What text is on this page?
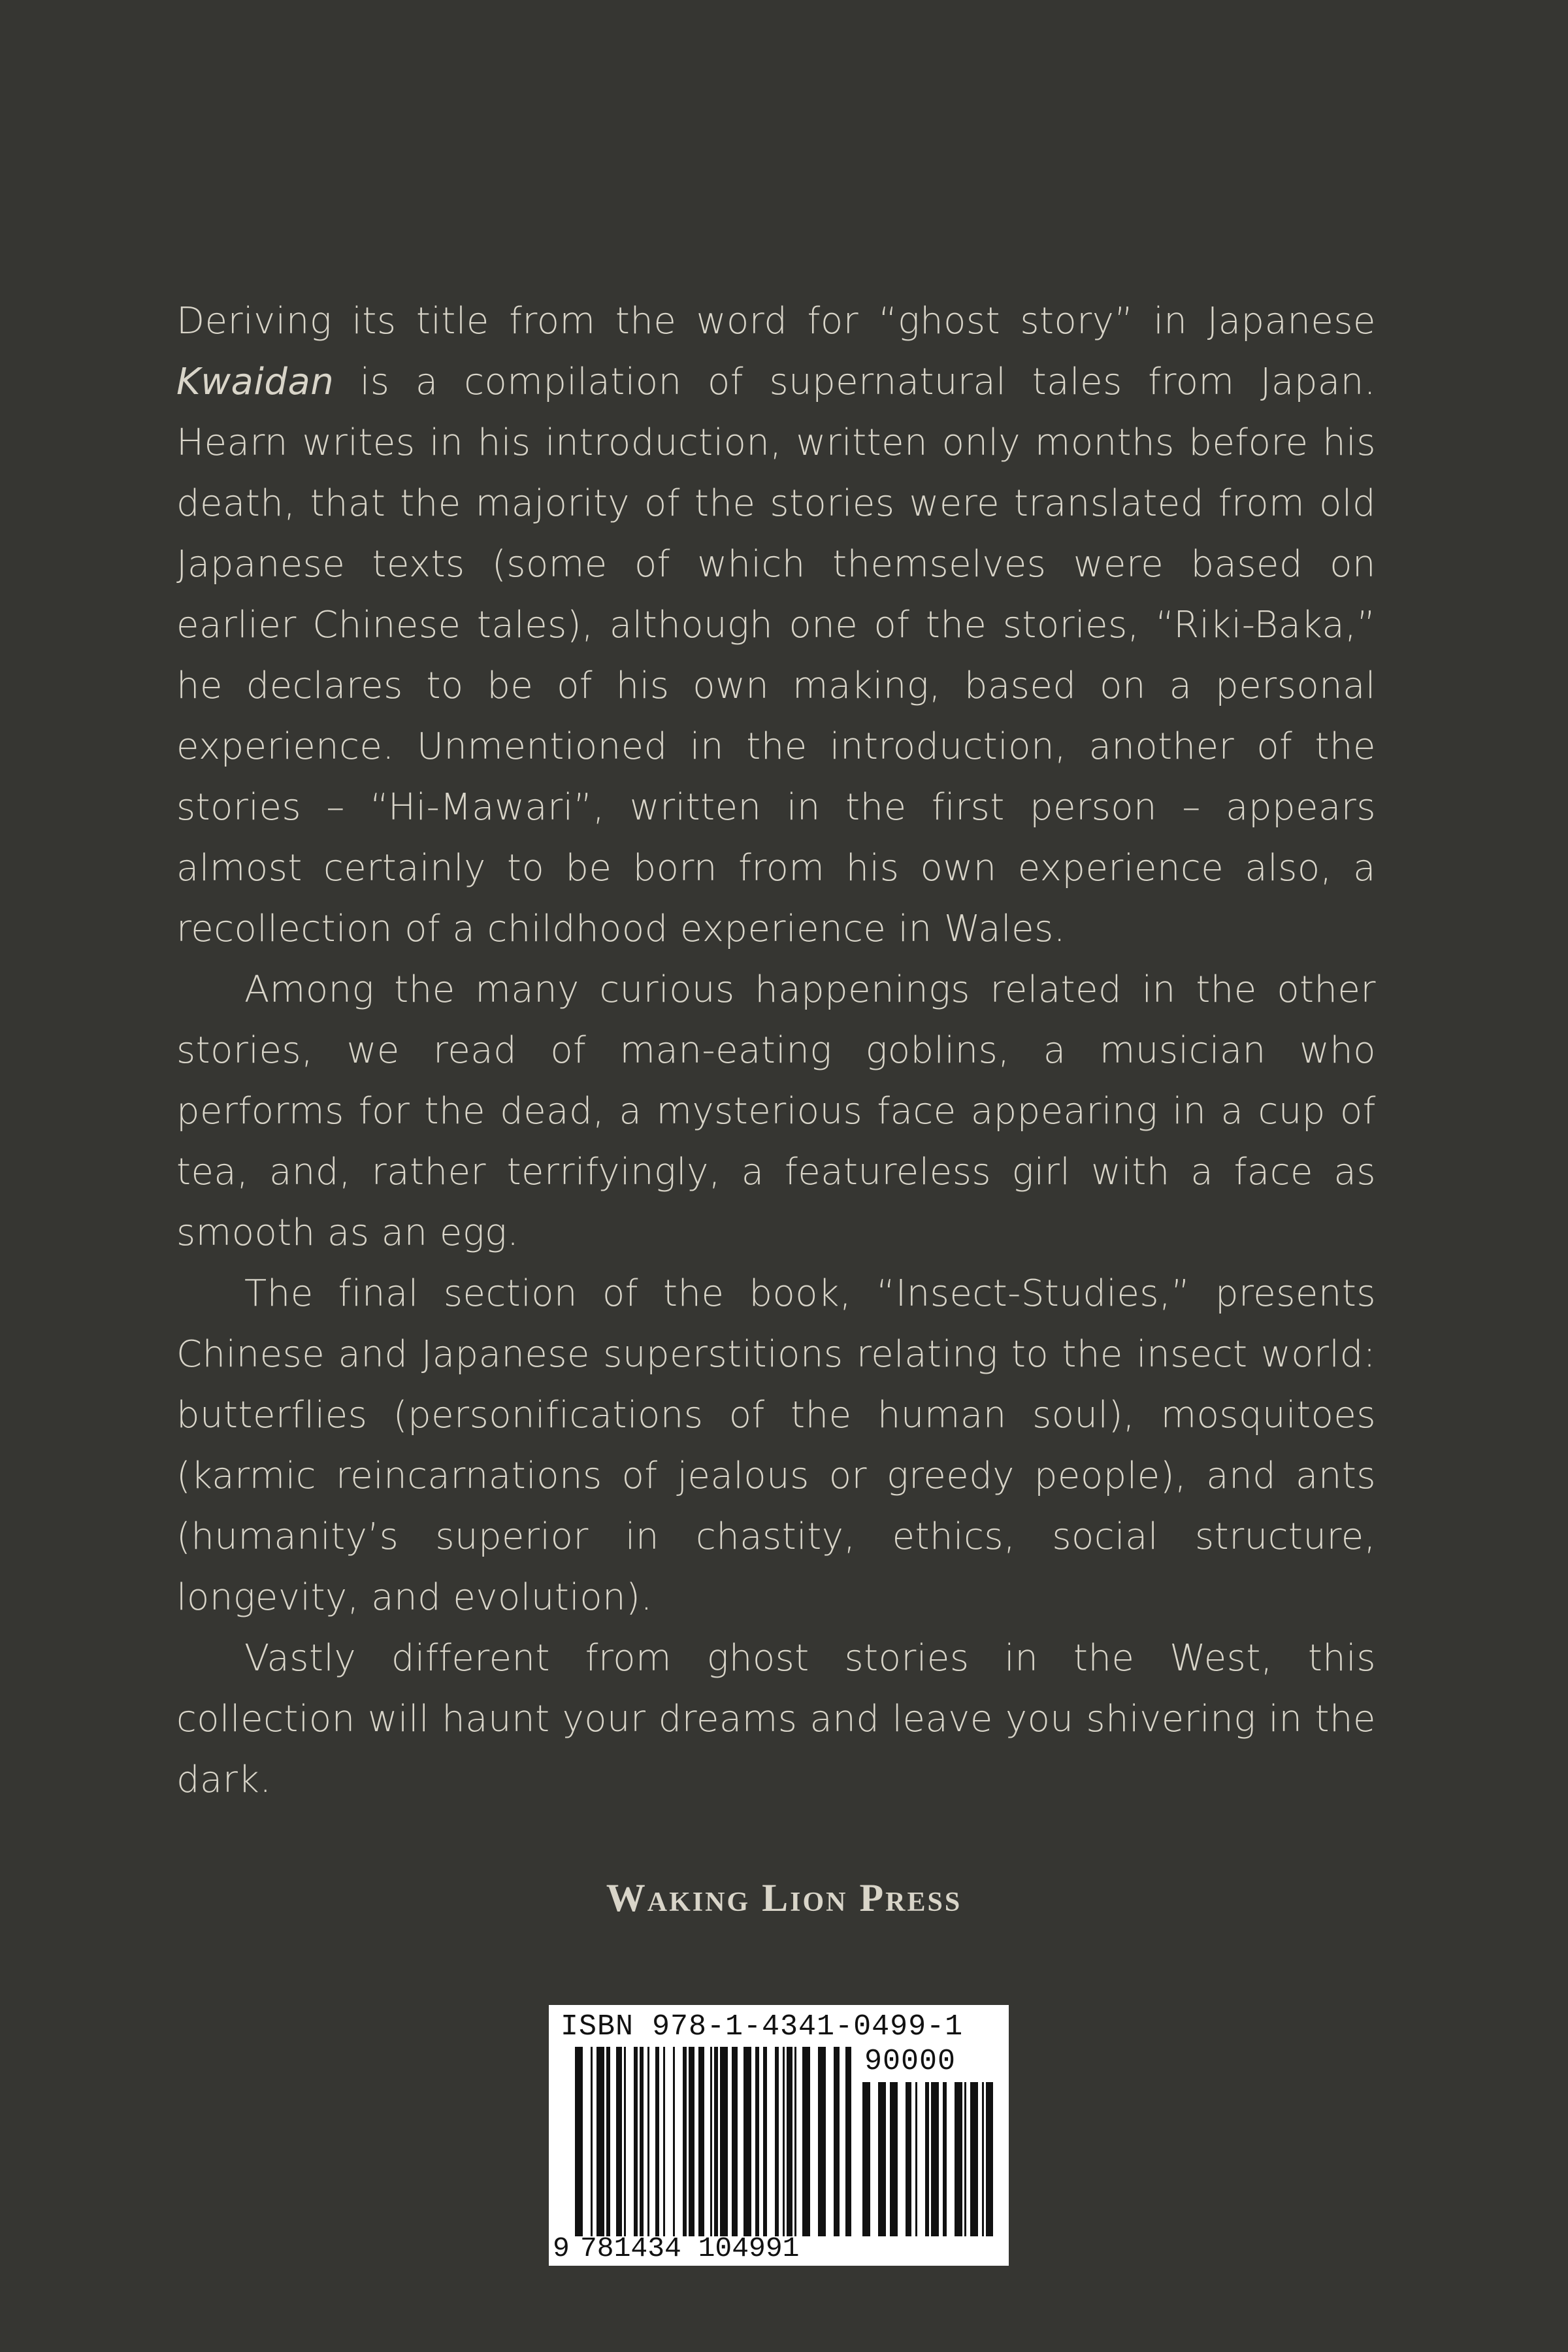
Deriving its title from the word for “ghost story” in Japanese Kwaidan is a compilation of supernatural tales from Japan. Hearn writes in his introduction, written only months before his death, that the majority of the stories were translated from old Japanese texts (some of which themselves were based on earlier Chinese tales), although one of the stories, “Riki-Baka,” he declares to be of his own making, based on a personal experience. Unmentioned in the introduction, another of the stories – “Hi-Mawari”, written in the first person – appears almost certainly to be born from his own experience also, a recollection of a childhood experience in Wales.

Among the many curious happenings related in the other stories, we read of man-eating goblins, a musician who performs for the dead, a mysterious face appearing in a cup of tea, and, rather terrifyingly, a featureless girl with a face as smooth as an egg.

The final section of the book, “Insect-Studies,” presents Chinese and Japanese superstitions relating to the insect world: butterflies (personifications of the human soul), mosquitoes (karmic reincarnations of jealous or greedy people), and ants (humanity’s superior in chastity, ethics, social structure, longevity, and evolution).

Vastly different from ghost stories in the West, this collection will haunt your dreams and leave you shivering in the dark.

Waking Lion Press
ISBN 978-1-4341-0499-1
90000
9 781434 104991
